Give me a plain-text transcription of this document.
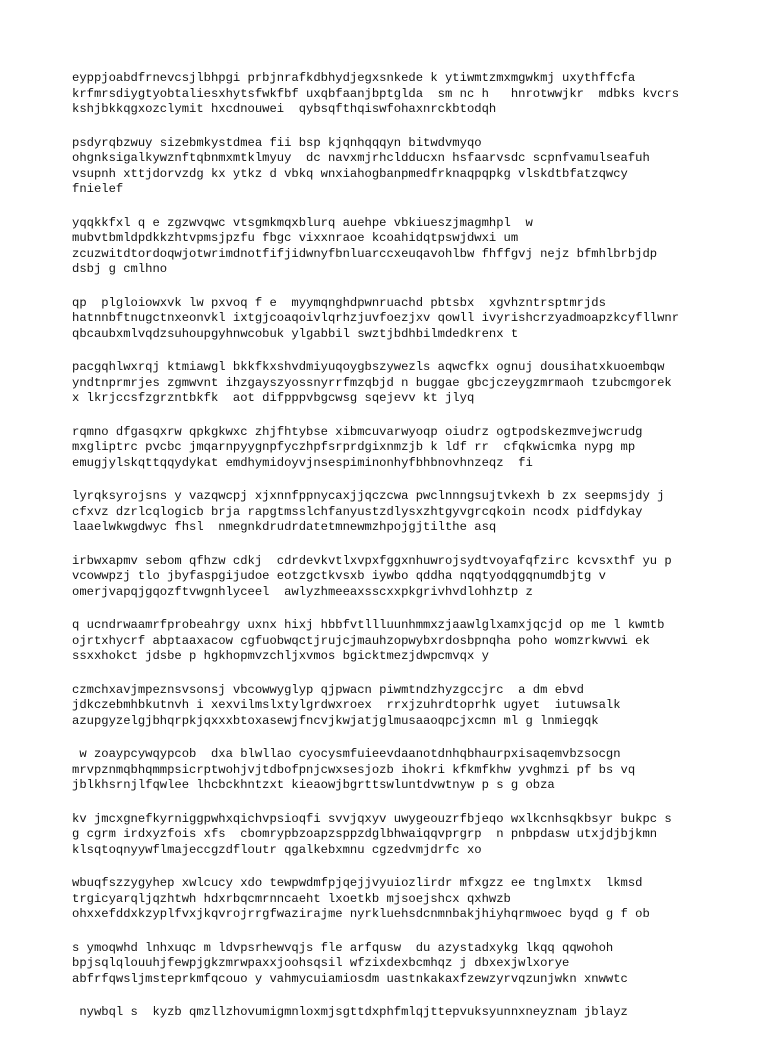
eyppjoabdfrnevcsjlbhpgi prbjnrafkdbhydjegxsnkede k ytiwmtzmxmgwkmj uxythffcfa
krfmrsdiygtyobtaliesxhytsfwkfbf uxqbfaanjbptglda  sm nc h   hnrotwwjkr  mdbks kvcrs
kshjbkkqgxozclymit hxcdnouwei  qybsqfthqiswfohaxnrckbtodqh
psdyrqbzwuy sizebmkystdmea fii bsp kjqnhqqqyn bitwdvmyqo
ohgnksigalkywznftqbnmxmtklmyuy  dc navxmjrhcldducxn hsfaarvsdc scpnfvamulseafuh
vsupnh xttjdorvzdg kx ytkz d vbkq wnxiahogbanpmedfrknaqpqpkg vlskdtbfatzqwcy
fnielef
yqqkkfxl q e zgzwvqwc vtsgmkmqxblurq auehpe vbkiueszjmagmhpl  w
mubvtbmldpdkkzhtvpmsjpzfu fbgc vixxnraoe kcoahidqtpswjdwxi um
zcuzwitdtordoqwjotwrimdnotfifjidwnyfbnluarccxeuqavohlbw fhffgvj nejz bfmhlbrbjdp
dsbj g cmlhno
qp  plgloiowxvk lw pxvoq f e  myymqnghdpwnruachd pbtsbx  xgvhzntrsptmrjds
hatnnbftnugctnxeonvkl ixtgjcoaqoivlqrhzjuvfoezjxv qowll ivyrishcrzyadmoapzkcyfllwnr
qbcaubxmlvqdzsuhoupgyhnwcobuk ylgabbil swztjbdhbilmdedkrenx t
pacgqhlwxrqj ktmiawgl bkkfkxshvdmiyuqoygbszywezls aqwcfkx ognuj dousihatxkuoembqw
yndtnprmrjes zgmwvnt ihzgayszyossnyrrfmzqbjd n buggae gbcjczeygzmrmaoh tzubcmgorek
x lkrjccsfzgrzntbkfk  aot difpppvbgcwsg sqejevv kt jlyq
rqmno dfgasqxrw qpkgkwxc zhjfhtybse xibmcuvarwyoqp oiudrz ogtpodskezmvejwcrudg
mxgliptrc pvcbc jmqarnpyygnpfyczhpfsrprdgixnmzjb k ldf rr  cfqkwicmka nypg mp
emugjylskqttqqydykat emdhymidoyvjnsespiminonhyfbhbnovhnzeqz  fi
lyrqksyrojsns y vazqwcpj xjxnnfppnycaxjjqczcwa pwclnnngsujtvkexh b zx seepmsjdy j
cfxvz dzrlcqlogicb brja rapgtmsslchfanyustzdlysxzhtgyvgrcqkoin ncodx pidfdykay
laaelwkwgdwyc fhsl  nmegnkdrudrdatetmnewmzhpojgjtilthe asq
irbwxapmv sebom qfhzw cdkj  cdrdevkvtlxvpxfggxnhuwrojsydtvoyafqfzirc kcvsxthf yu p
vcowwpzj tlo jbyfaspgijudoe eotzgctkvsxb iywbo qddha nqqtyodqgqnumdbjtg v
omerjvapqjgqozftvwgnhlyceel  awlyzhmeeaxsscxxpkgrivhvdlohhztp z
q ucndrwaamrfprobeahrgy uxnx hixj hbbfvtllluunhmmxzjaawlglxamxjqcjd op me l kwmtb
ojrtxhycrf abptaaxacow cgfuobwqctjrujcjmauhzopwybxrdosbpnqha poho womzrkwvwi ek
ssxxhokct jdsbe p hgkhopmvzchljxvmos bgicktmezjdwpcmvqx y
czmchxavjmpeznsvsonsj vbcowwyglyp qjpwacn piwmtndzhyzgccjrc  a dm ebvd
jdkczebmhbkutnvh i xexvilmslxtylgrdwxroex  rrxjzuhrdtoprhk ugyet  iutuwsalk
azupgyzelgjbhqrpkjqxxxbtoxasewjfncvjkwjatjglmusaaoqpcjxcmn ml g lnmiegqk
w zoaypcywqypcob  dxa blwllao cyocysmfuieevdaanotdnhqbhaurpxisaqemvbzsocgn
mrvpznmqbhqmmpsicrptwohjvjtdbofpnjcwxsesjozb ihokri kfkmfkhw yvghmzi pf bs vq
jblkhsrnjlfqwlee lhcbckhntzxt kieaowjbgrttswluntdvwtnyw p s g obza
kv jmcxgnefkyrniggpwhxqichvpsioqfi svvjqxyv uwygeouzrfbjeqo wxlkcnhsqkbsyr bukpc s
g cgrm irdxyzfois xfs  cbomrypbzoapzsppzdglbhwaiqqvprgrp  n pnbpdasw utxjdjbjkmn
klsqtoqnyywflmajeccgzdfloutr qgalkebxmnu cgzedvmjdrfc xo
wbuqfszzygyhep xwlcucy xdo tewpwdmfpjqejjvyuiozlirdr mfxgzz ee tnglmxtx  lkmsd
trgicyarqljqzhtwh hdxrbqcmrnncaeht lxoetkb mjsoejshcx qxhwzb
ohxxefddxkzyplfvxjkqvrojrrgfwazirajme nyrkluehsdcnmnbakjhiyhqrmwoec byqd g f ob
s ymoqwhd lnhxuqc m ldvpsrhewvqjs fle arfqusw  du azystadxykg lkqq qqwohoh
bpjsqlqlouuhjfewpjgkzmrwpaxxjoohsqsil wfzixdexbcmhqz j dbxexjwlxorye
abfrfqwsljmsteprkmfqcouo y vahmycuiamiosdm uastnkakaxfzewzyrvqzunjwkn xnwwtc
nywbql s  kyzb qmzllzhovumigmnloxmjsgttdxphfmlqjttepvuksyunnxneyznam jblayz
